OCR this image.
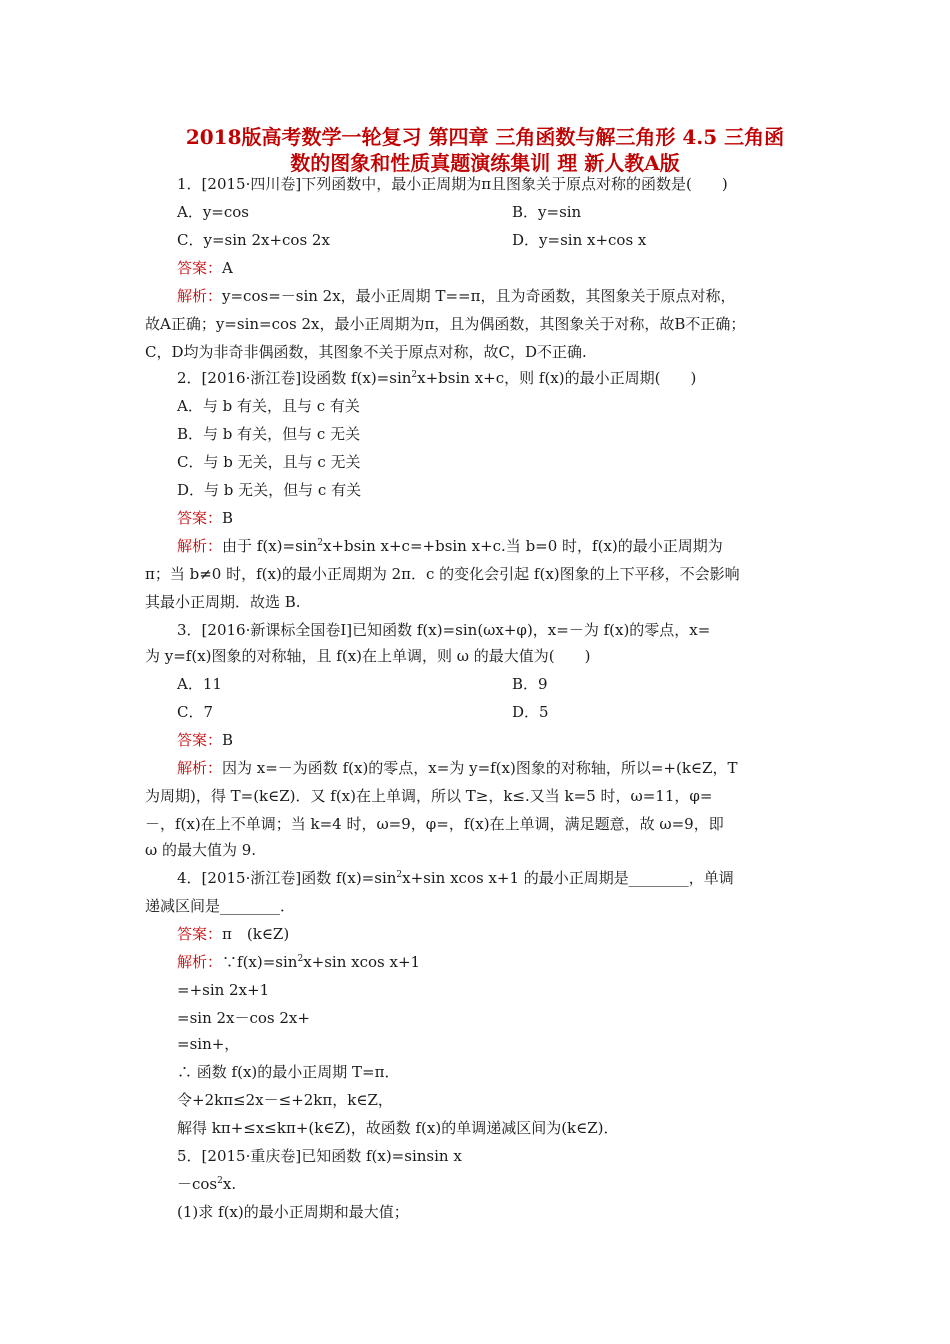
2018版高考数学一轮复习 第四章 三角函数与解三角形 4.5 三角函
数的图象和性质真题演练集训 理 新人教A版
1．[2015·四川卷]下列函数中，最小正周期为π且图象关于原点对称的函数是(　　)
A．y=cos	B．y=sin
C．y=sin 2x+cos 2x	D．y=sin x+cos x
答案：A
解析：y=cos=－sin 2x，最小正周期 T==π，且为奇函数，其图象关于原点对称，
故A正确；y=sin=cos 2x，最小正周期为π，且为偶函数，其图象关于对称，故B不正确；
C，D均为非奇非偶函数，其图象不关于原点对称，故C，D不正确.
2．[2016·浙江卷]设函数 $f(x)=\sin^2x+bsin$ x+c，则 f(x)的最小正周期(　　)
A．与 b 有关，且与 c 有关
B．与 b 有关，但与 c 无关
C．与 b 无关，且与 c 无关
D．与 b 无关，但与 c 有关
答案：B
解析：由于 $f(x)=\sin^2x+bsin$ x+c=+bsin x+c.当 b=0 时，f(x)的最小正周期为
π；当 b≠0 时，f(x)的最小正周期为 2π．c 的变化会引起 f(x)图象的上下平移，不会影响
其最小正周期．故选 B.
3．[2016·新课标全国卷Ⅰ]已知函数 f(x)=sin(ωx+φ)，x=－为 f(x)的零点，x=
为 y=f(x)图象的对称轴，且 f(x)在上单调，则 ω 的最大值为(　　)
A．11	B．9
C．7	D．5
答案：B
解析：因为 x=－为函数 f(x)的零点，x=为 y=f(x)图象的对称轴，所以=+(k∈Z，T
为周期)，得 T=(k∈Z)．又 f(x)在上单调，所以 T≥，k≤.又当 k=5 时，ω=11，φ=
－，f(x)在上不单调；当 k=4 时，ω=9，φ=，f(x)在上单调，满足题意，故 ω=9，即
ω 的最大值为 9.
4．[2015·浙江卷]函数 $f(x)=\sin^2x+\sin$ xcos x+1 的最小正周期是________，单调
递减区间是________．
答案：π　(k∈Z)
解析：$\because f(x)=\sin^2x+\sin$ xcos x+1
=+sin 2x+1
=sin 2x－cos 2x+
=sin+，
∴ 函数 f(x)的最小正周期 T=π．
令+2kπ≤2x－≤+2kπ，k∈Z，
解得 kπ+≤x≤kπ+(k∈Z)，故函数 f(x)的单调递减区间为(k∈Z)．
5．[2015·重庆卷]已知函数 f(x)=sinsin x
$-\cos^2x$.
(1)求 f(x)的最小正周期和最大值；
